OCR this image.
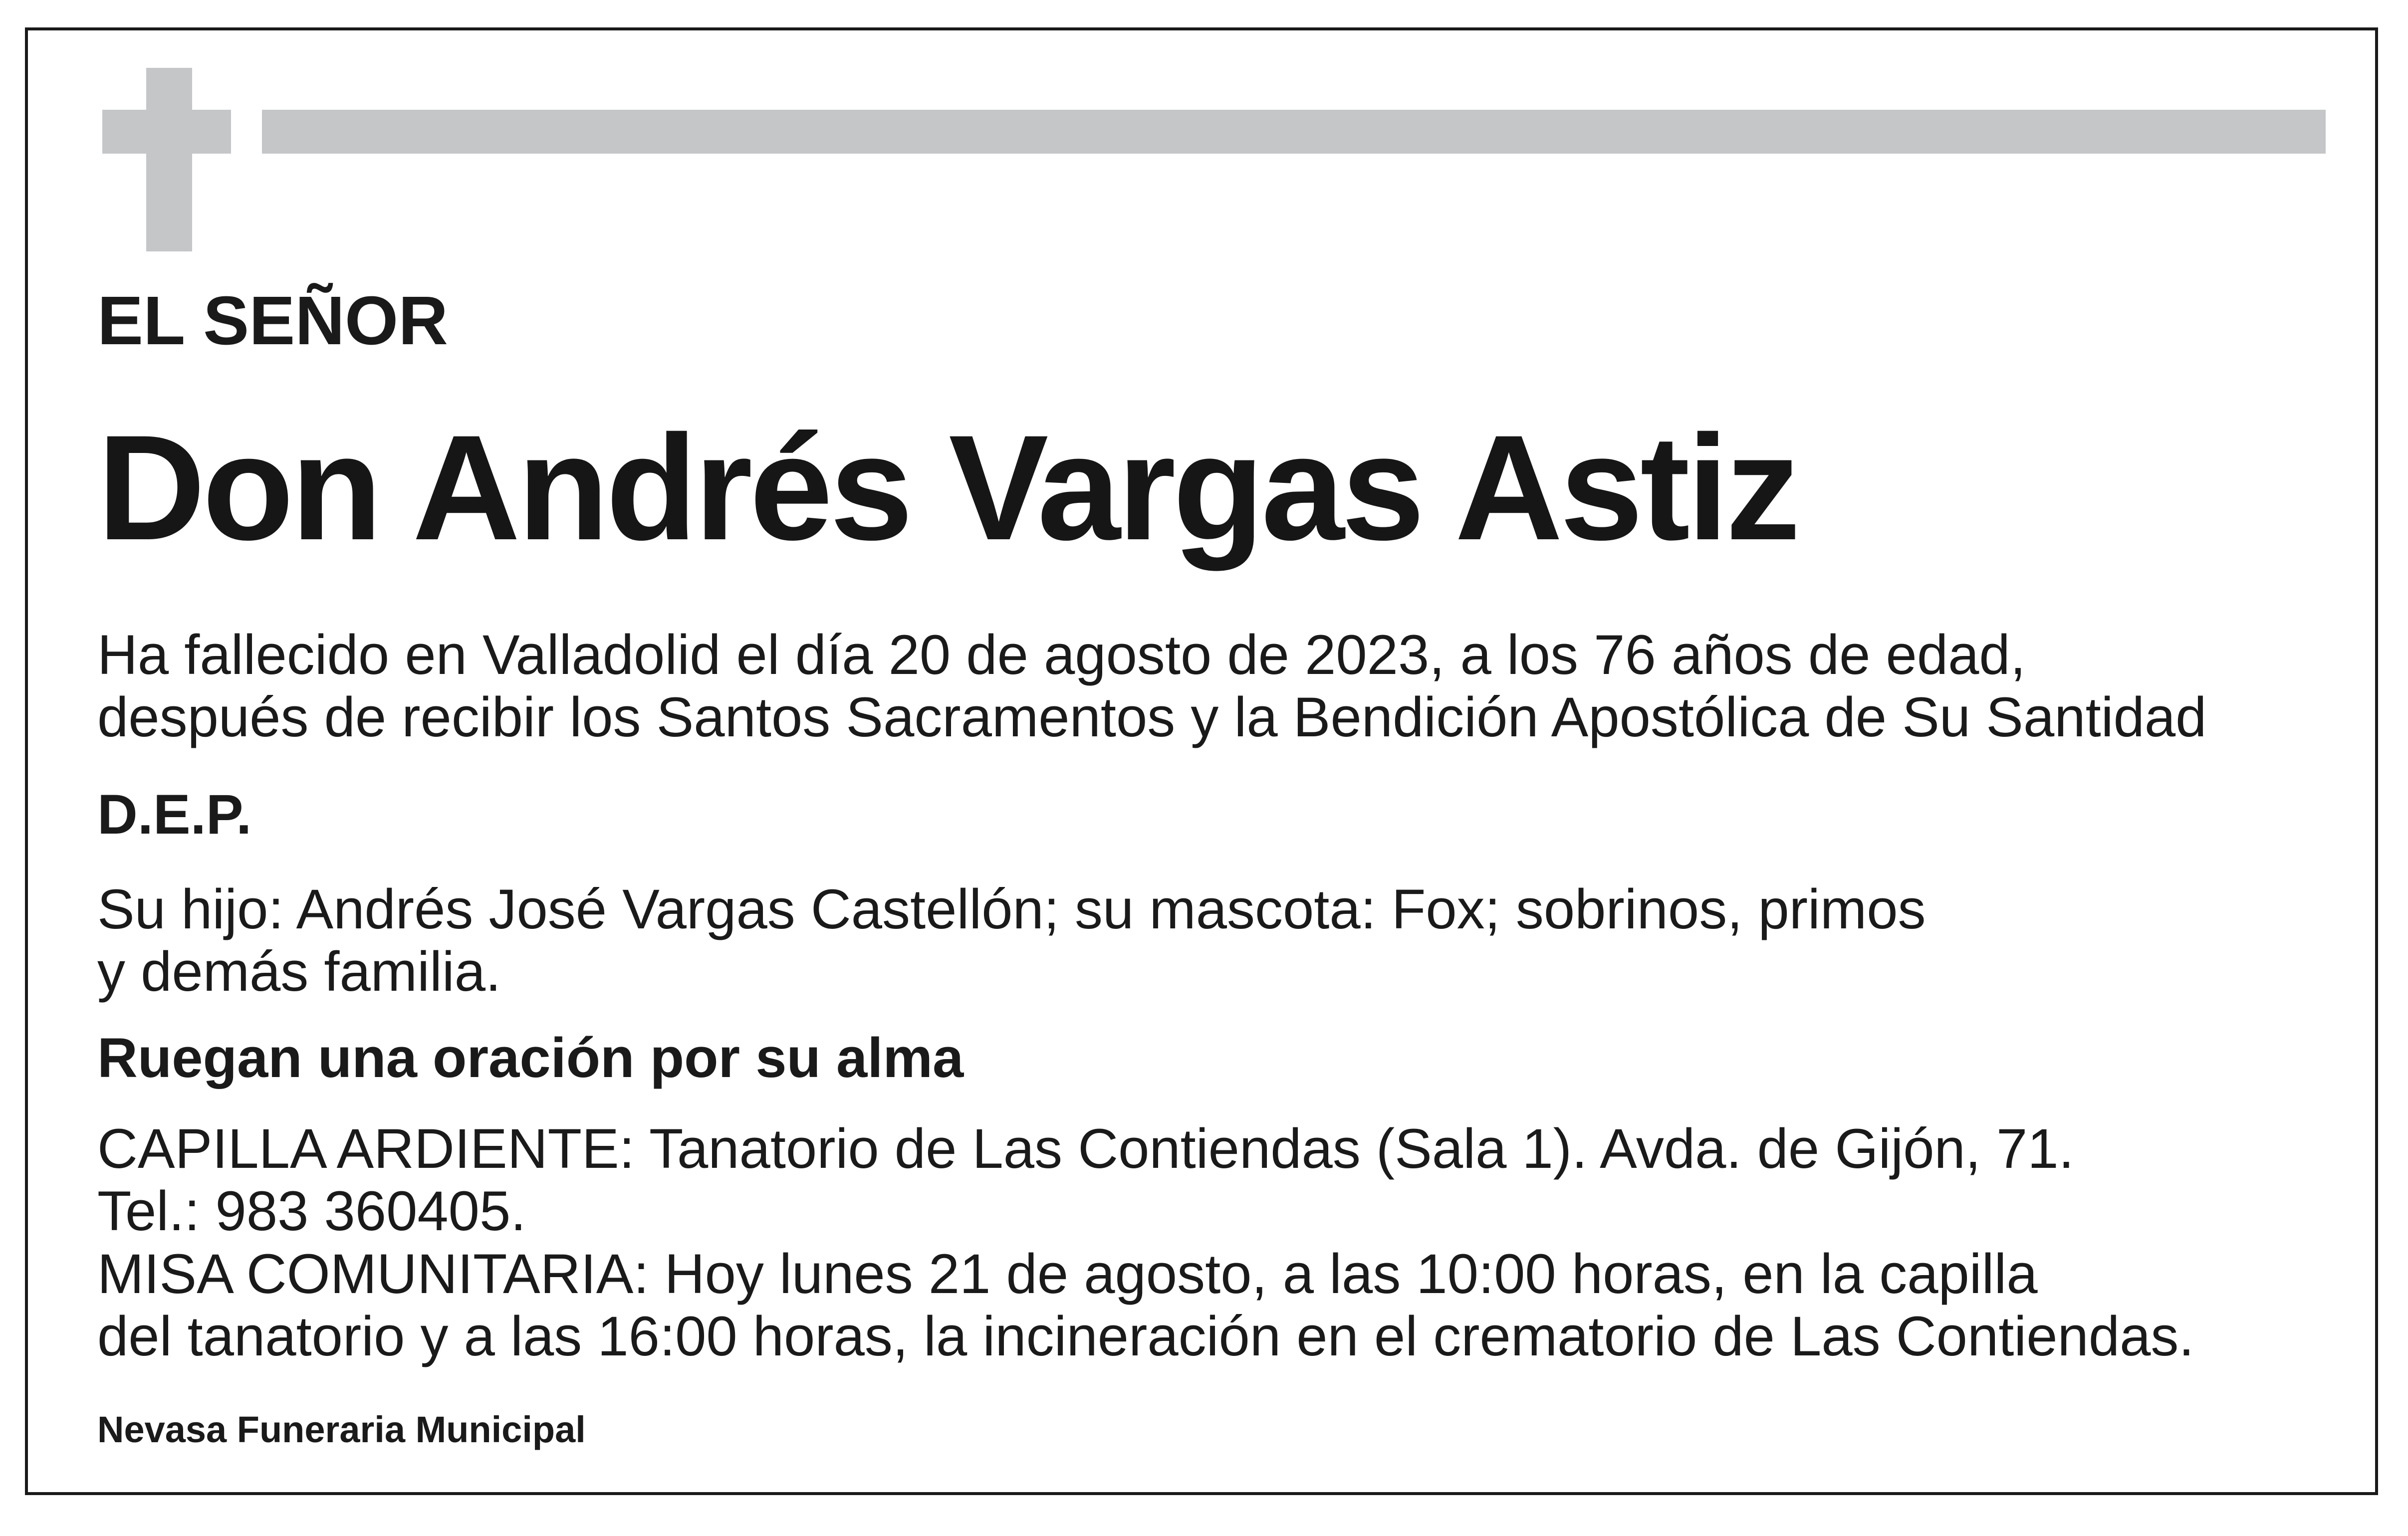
EL SEÑOR

Don Andrés Vargas Astiz

Ha fallecido en Valladolid el día 20 de agosto de 2023, a los 76 años de edad,
después de recibir los Santos Sacramentos y la Bendición Apostólica de Su Santidad

D.E.P.

Su hijo: Andrés José Vargas Castellón; su mascota: Fox; sobrinos, primos
y demás familia.

Ruegan una oración por su alma

CAPILLA ARDIENTE: Tanatorio de Las Contiendas (Sala 1). Avda. de Gijón, 71.
Tel.: 983 360405.
MISA COMUNITARIA: Hoy lunes 21 de agosto, a las 10:00 horas, en la capilla
del tanatorio y a las 16:00 horas, la incineración en el crematorio de Las Contiendas.

Nevasa Funeraria Municipal
